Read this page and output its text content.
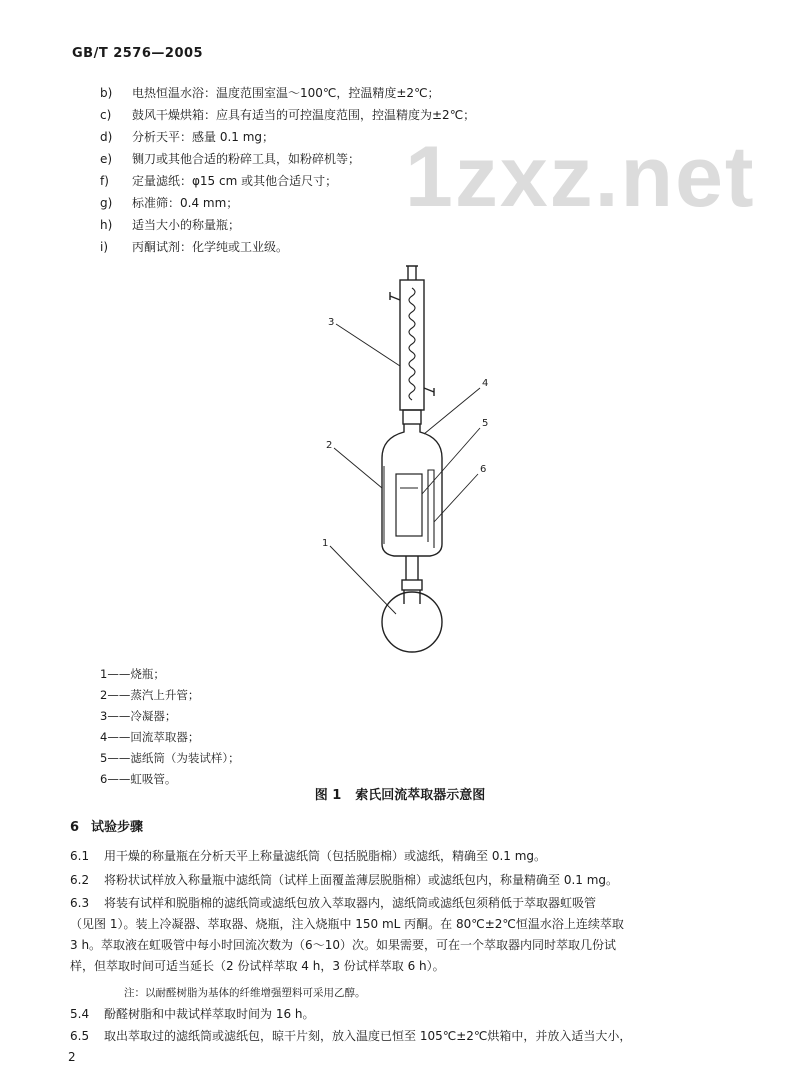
GB/T 2576—2005
1zxz.net
b)	电热恒温水浴：温度范围室温～100℃，控温精度±2℃；
c)	鼓风干燥烘箱：应具有适当的可控温度范围，控温精度为±2℃；
d)	分析天平：感量 0.1 mg；
e)	铡刀或其他合适的粉碎工具，如粉碎机等；
f)	定量滤纸：φ15 cm 或其他合适尺寸；
g)	标准筛：0.4 mm；
h)	适当大小的称量瓶；
i)	丙酮试剂：化学纯或工业级。
3
4
5
2
6
1
1——烧瓶；
2——蒸汽上升管；
3——冷凝器；
4——回流萃取器；
5——滤纸筒（为装试样）；
6——虹吸管。
图 1 索氏回流萃取器示意图
6 试验步骤
6.1 用干燥的称量瓶在分析天平上称量滤纸筒（包括脱脂棉）或滤纸，精确至 0.1 mg。
6.2 将粉状试样放入称量瓶中滤纸筒（试样上面覆盖薄层脱脂棉）或滤纸包内，称量精确至 0.1 mg。
6.3 将装有试样和脱脂棉的滤纸筒或滤纸包放入萃取器内，滤纸筒或滤纸包须稍低于萃取器虹吸管
（见图 1）。装上冷凝器、萃取器、烧瓶，注入烧瓶中 150 mL 丙酮。在 80℃±2℃恒温水浴上连续萃取
3 h。萃取液在虹吸管中每小时回流次数为（6～10）次。如果需要，可在一个萃取器内同时萃取几份试
样，但萃取时间可适当延长（2 份试样萃取 4 h，3 份试样萃取 6 h）。
注：以耐醛树脂为基体的纤维增强塑料可采用乙醇。
5.4 酚醛树脂和中裁试样萃取时间为 16 h。
6.5 取出萃取过的滤纸筒或滤纸包，晾干片刻，放入温度已恒至 105℃±2℃烘箱中，并放入适当大小，
2
